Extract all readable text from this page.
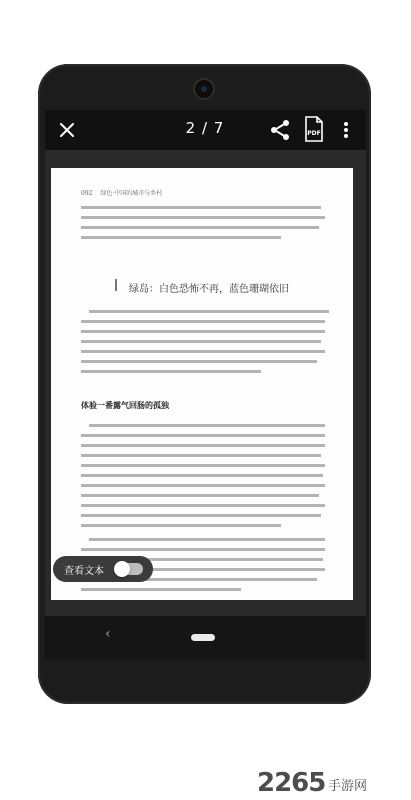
2 / 7	PDF
092 绿色·中国的城市与乡村
绿岛：白色恐怖不再，蓝色珊瑚依旧
体验一番露气回肠的孤独
查看文本
‹
2265 手游网
